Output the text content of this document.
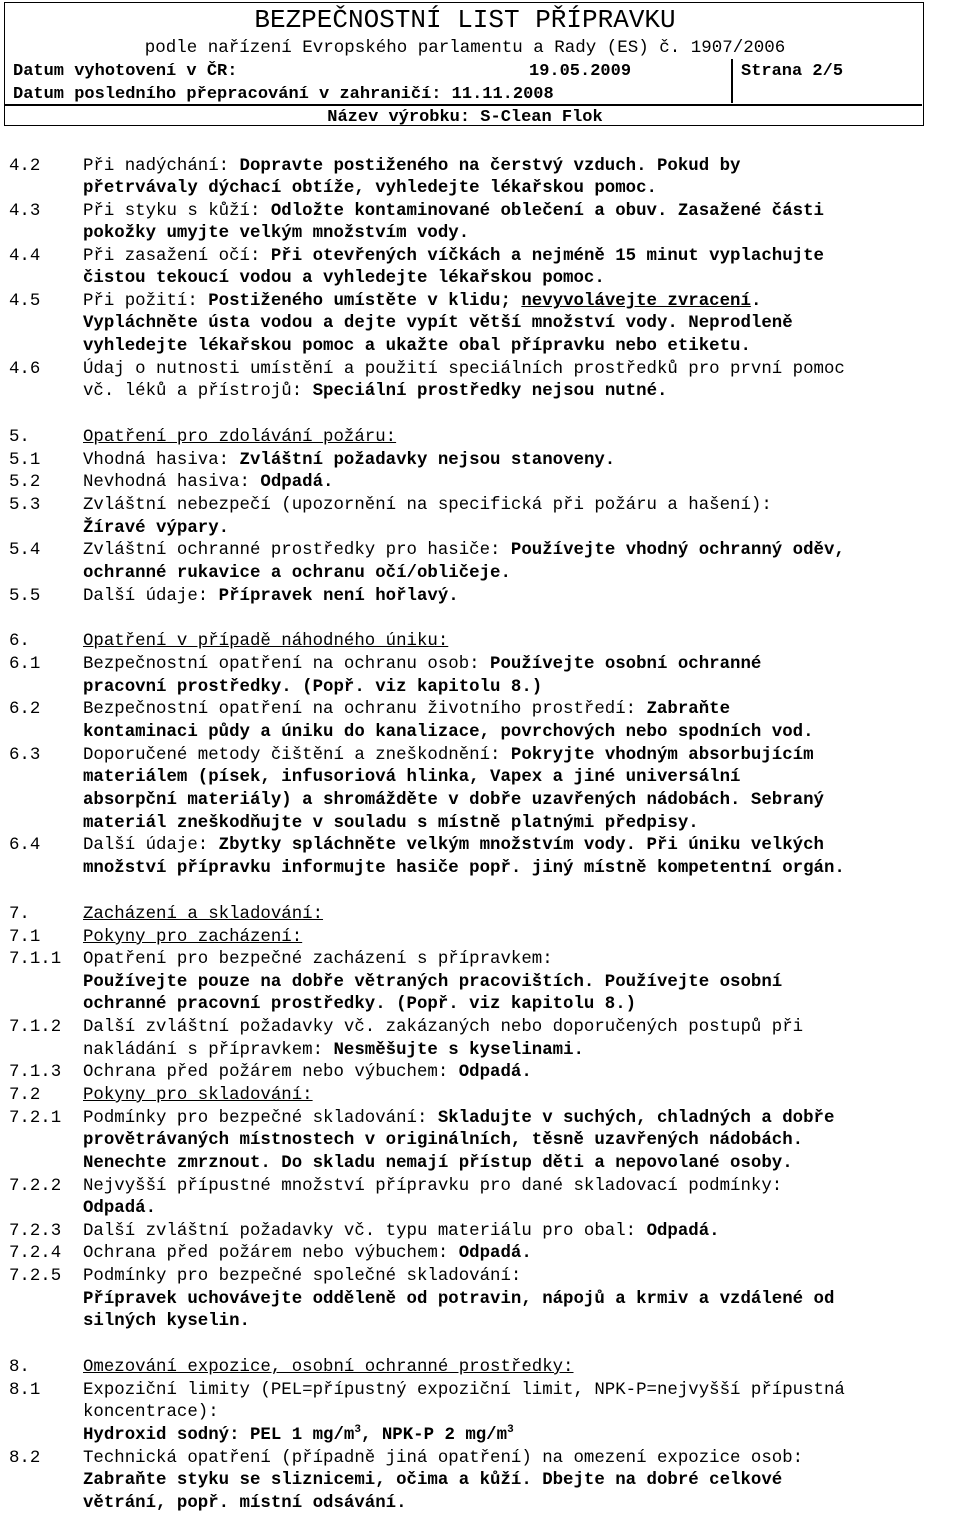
BEZPEČNOSTNÍ LIST PŘÍPRAVKU
podle nařízení Evropského parlamentu a Rady (ES) č. 1907/2006
Datum vyhotovení v ČR:	19.05.2009	Strana 2/5
Datum posledního přepracování v zahraničí: 11.11.2008
Název výrobku: S-Clean Flok
4.2 Při nadýchání: Dopravte postiženého na čerstvý vzduch. Pokud by
přetrvávaly dýchací obtíže, vyhledejte lékařskou pomoc.
4.3 Při styku s kůží: Odložte kontaminované oblečení a obuv. Zasažené části
pokožky umyjte velkým množstvím vody.
4.4 Při zasažení očí: Při otevřených víčkách a nejméně 15 minut vyplachujte
čistou tekoucí vodou a vyhledejte lékařskou pomoc.
4.5 Při požití: Postiženého umístěte v klidu; nevyvolávejte zvracení.
Vypláchněte ústa vodou a dejte vypít větší množství vody. Neprodleně
vyhledejte lékařskou pomoc a ukažte obal přípravku nebo etiketu.
4.6 Údaj o nutnosti umístění a použití speciálních prostředků pro první pomoc
vč. léků a přístrojů: Speciální prostředky nejsou nutné.
5.	Opatření pro zdolávání požáru:
5.1 Vhodná hasiva: Zvláštní požadavky nejsou stanoveny.
5.2 Nevhodná hasiva: Odpadá.
5.3 Zvláštní nebezpečí (upozornění na specifická při požáru a hašení):
Žíravé výpary.
5.4 Zvláštní ochranné prostředky pro hasiče: Používejte vhodný ochranný oděv,
ochranné rukavice a ochranu očí/obličeje.
5.5 Další údaje: Přípravek není hořlavý.
6.	Opatření v případě náhodného úniku:
6.1 Bezpečnostní opatření na ochranu osob: Používejte osobní ochranné
pracovní prostředky. (Popř. viz kapitolu 8.)
6.2 Bezpečnostní opatření na ochranu životního prostředí: Zabraňte
kontaminaci půdy a úniku do kanalizace, povrchových nebo spodních vod.
6.3 Doporučené metody čištění a zneškodnění: Pokryjte vhodným absorbujícím
materiálem (písek, infusoriová hlinka, Vapex a jiné universální
absorpční materiály) a shromážděte v dobře uzavřených nádobách. Sebraný
materiál zneškodňujte v souladu s místně platnými předpisy.
6.4 Další údaje: Zbytky spláchněte velkým množstvím vody. Při úniku velkých
množství přípravku informujte hasiče popř. jiný místně kompetentní orgán.
7.	Zacházení a skladování:
7.1 Pokyny pro zacházení:
7.1.1 Opatření pro bezpečné zacházení s přípravkem:
Používejte pouze na dobře větraných pracovištích. Používejte osobní
ochranné pracovní prostředky. (Popř. viz kapitolu 8.)
7.1.2 Další zvláštní požadavky vč. zakázaných nebo doporučených postupů při
nakládání s přípravkem: Nesměšujte s kyselinami.
7.1.3 Ochrana před požárem nebo výbuchem: Odpadá.
7.2 Pokyny pro skladování:
7.2.1 Podmínky pro bezpečné skladování: Skladujte v suchých, chladných a dobře
provětrávaných místnostech v originálních, těsně uzavřených nádobách.
Nenechte zmrznout. Do skladu nemají přístup děti a nepovolané osoby.
7.2.2 Nejvyšší přípustné množství přípravku pro dané skladovací podmínky:
Odpadá.
7.2.3 Další zvláštní požadavky vč. typu materiálu pro obal: Odpadá.
7.2.4 Ochrana před požárem nebo výbuchem: Odpadá.
7.2.5 Podmínky pro bezpečné společné skladování:
Přípravek uchovávejte odděleně od potravin, nápojů a krmiv a vzdálené od
silných kyselin.
8.	Omezování expozice, osobní ochranné prostředky:
8.1 Expoziční limity (PEL=přípustný expoziční limit, NPK-P=nejvyšší přípustná
koncentrace):
Hydroxid sodný: PEL 1 $mg/m^3$, NPK-P 2 $mg/m^3$
8.2 Technická opatření (případně jiná opatření) na omezení expozice osob:
Zabraňte styku se sliznicemi, očima a kůží. Dbejte na dobré celkové
větrání, popř. místní odsávání.
